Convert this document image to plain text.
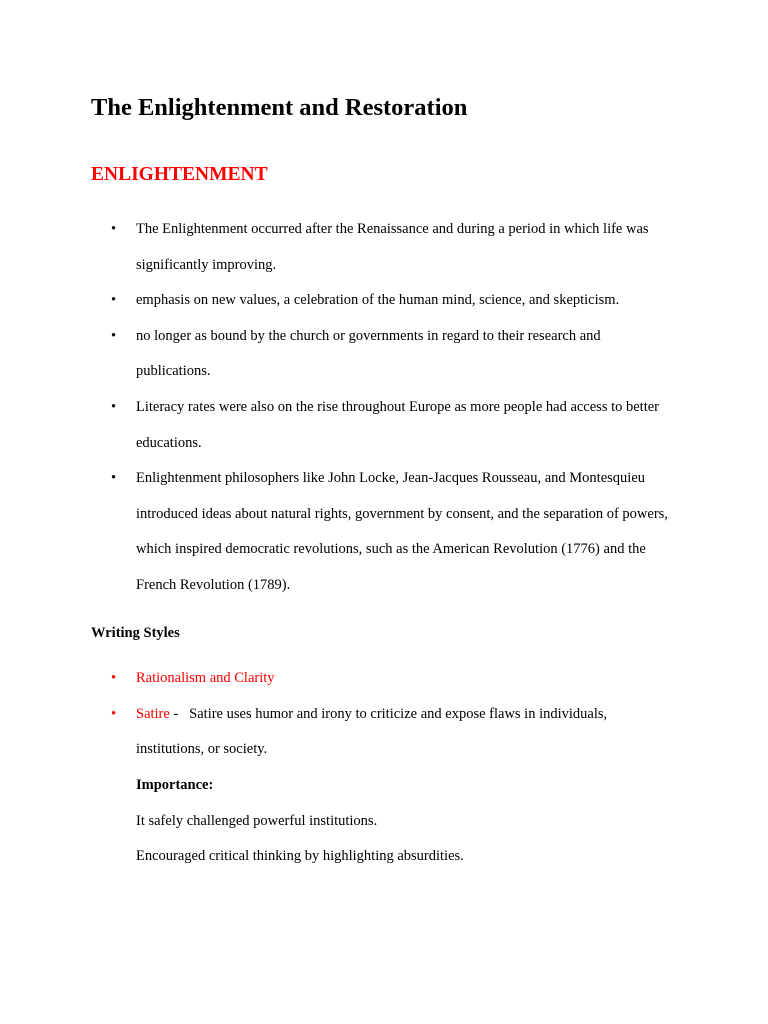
The Enlightenment and Restoration
ENLIGHTENMENT
• The Enlightenment occurred after the Renaissance and during a period in which life was significantly improving.
• emphasis on new values, a celebration of the human mind, science, and skepticism.
• no longer as bound by the church or governments in regard to their research and publications.
• Literacy rates were also on the rise throughout Europe as more people had access to better educations.
• Enlightenment philosophers like John Locke, Jean-Jacques Rousseau, and Montesquieu introduced ideas about natural rights, government by consent, and the separation of powers, which inspired democratic revolutions, such as the American Revolution (1776) and the French Revolution (1789).
Writing Styles
• Rationalism and Clarity
• Satire -   Satire uses humor and irony to criticize and expose flaws in individuals, institutions, or society.

Importance:

It safely challenged powerful institutions.

Encouraged critical thinking by highlighting absurdities.
